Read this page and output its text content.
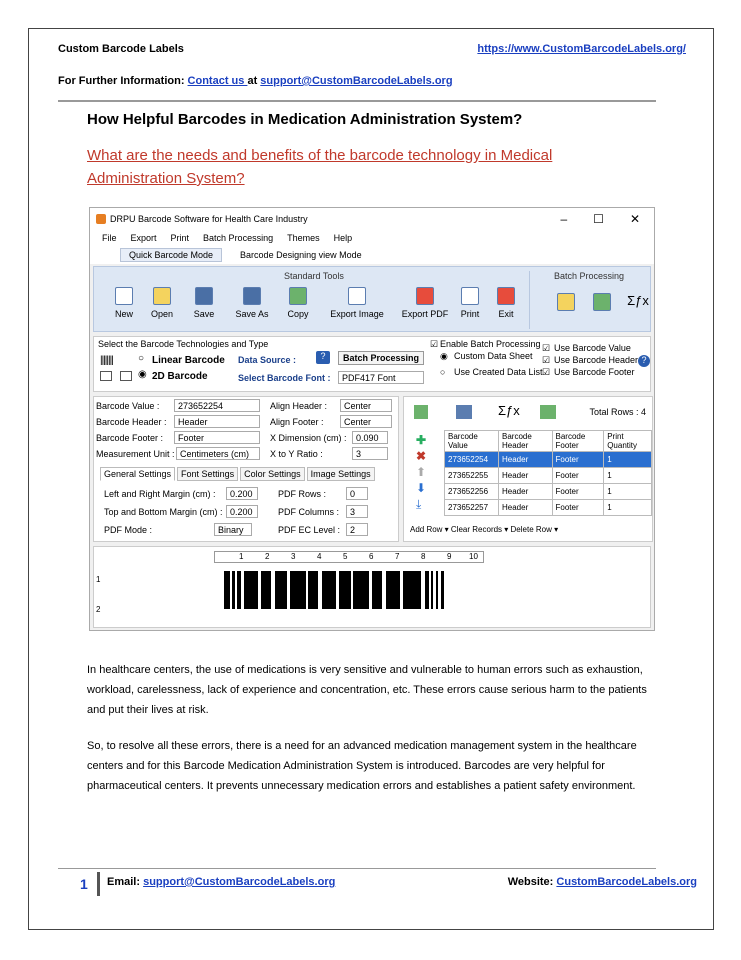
Custom Barcode Labels	https://www.CustomBarcodeLabels.org/
For Further Information: Contact us at support@CustomBarcodeLabels.org
How Helpful Barcodes in Medication Administration System?
What are the needs and benefits of the barcode technology in Medical Administration System?
DRPU Barcode Software for Health Care Industry	– ☐ ✕
File Export Print Batch Processing Themes Help
Quick Barcode Mode	Barcode Designing view Mode
Standard Tools	Batch Processing
New	Open	Save	Save As	Copy	Export Image	Export PDF	Print	Exit
Σƒx
Select the Barcode Technologies and Type
||||||||	○ Linear Barcode
◉ 2D Barcode
Data Source :	?	Batch Processing
Select Barcode Font :	PDF417 Font
☑ Enable Batch Processing
◉ Custom Data Sheet
○ Use Created Data List
☑ Use Barcode Value
☑ Use Barcode Header
☑ Use Barcode Footer
?
Barcode Value :	273652254
Barcode Header :	Header
Barcode Footer :	Footer
Measurement Unit : Centimeters (cm)
Align Header :	Center
Align Footer :	Center
X Dimension (cm) :	0.090
X to Y Ratio :	3
General Settings	Font Settings	Color Settings	Image Settings
Left and Right Margin (cm) :	0.200
Top and Bottom Margin (cm) : 0.200
PDF Mode :	Binary
PDF Rows :	0
PDF Columns :	3
PDF EC Level :	2
Σƒx	Total Rows : 4
✚
✖
⬆
⬇
⤓
Barcode Value	Barcode Header	Barcode Footer	Print Quantity
273652254	Header	Footer	1
273652255	Header	Footer	1
273652256	Header	Footer	1
273652257	Header	Footer	1
Add Row ▾ Clear Records ▾ Delete Row ▾
1	2	3	4	5	6	7	8	9 10
1
2
In healthcare centers, the use of medications is very sensitive and vulnerable to human errors such as exhaustion, workload, carelessness, lack of experience and concentration, etc. These errors cause serious harm to the patients and put their lives at risk.
So, to resolve all these errors, there is a need for an advanced medication management system in the healthcare centers and for this Barcode Medication Administration System is introduced. Barcodes are very helpful for pharmaceutical centers. It prevents unnecessary medication errors and establishes a patient safety environment.
1 Email: support@CustomBarcodeLabels.org	Website: CustomBarcodeLabels.org
